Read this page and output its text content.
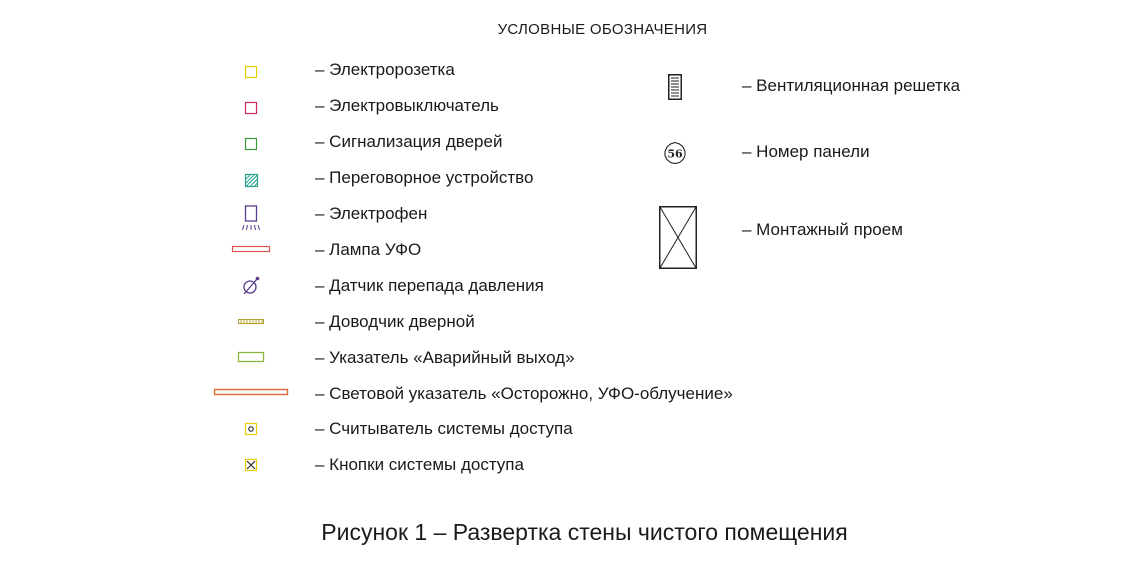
УСЛОВНЫЕ ОБОЗНАЧЕНИЯ
– Электророзетка
– Электровыключатель
– Сигнализация дверей
– Переговорное устройство
– Электрофен
– Лампа УФО
– Датчик перепада давления
– Доводчик дверной
– Указатель «Аварийный выход»
– Световой указатель «Осторожно, УФО-облучение»
– Считыватель системы доступа
– Кнопки системы доступа
– Вентиляционная решетка
56	– Номер панели
– Монтажный проем
Рисунок 1 – Развертка стены чистого помещения
